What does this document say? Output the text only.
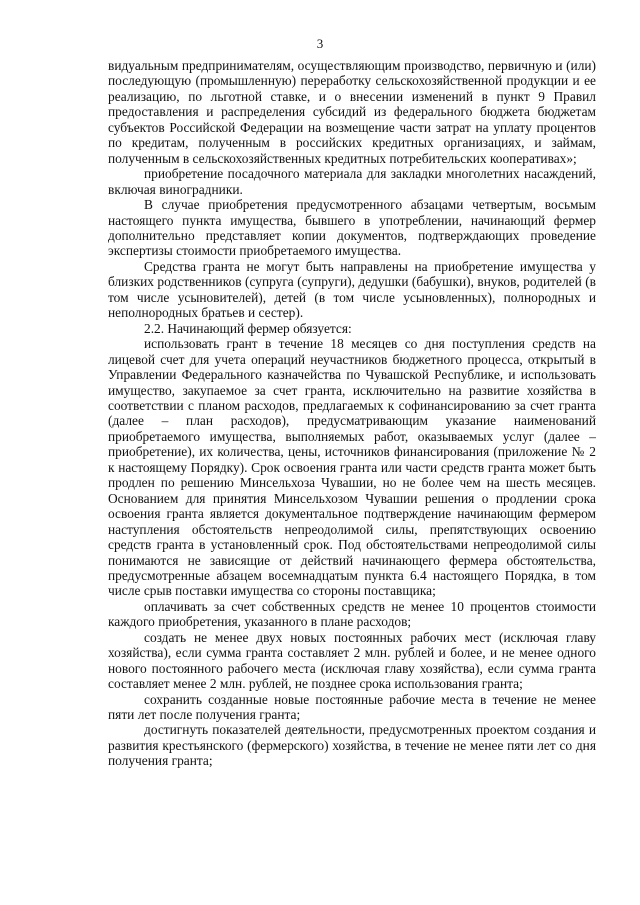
3

видуальным предпринимателям, осуществляющим производство, первичную и (или) последующую (промышленную) переработку сельскохозяйственной продукции и ее реализацию, по льготной ставке, и о внесении изменений в пункт 9 Правил предоставления и распределения субсидий из федерального бюджета бюджетам субъектов Российской Федерации на возмещение части затрат на уплату процентов по кредитам, полученным в российских кредитных организациях, и займам, полученным в сельскохозяйственных кредитных потребительских кооперативах»;

приобретение посадочного материала для закладки многолетних насаждений, включая виноградники.

В случае приобретения предусмотренного абзацами четвертым, восьмым настоящего пункта имущества, бывшего в употреблении, начинающий фермер дополнительно представляет копии документов, подтверждающих проведение экспертизы стоимости приобретаемого имущества.

Средства гранта не могут быть направлены на приобретение имущества у близких родственников (супруга (супруги), дедушки (бабушки), внуков, родителей (в том числе усыновителей), детей (в том числе усыновленных), полнородных и неполнородных братьев и сестер).

2.2. Начинающий фермер обязуется:

использовать грант в течение 18 месяцев со дня поступления средств на лицевой счет для учета операций неучастников бюджетного процесса, открытый в Управлении Федерального казначейства по Чувашской Республике, и использовать имущество, закупаемое за счет гранта, исключительно на развитие хозяйства в соответствии с планом расходов, предлагаемых к софинансированию за счет гранта (далее – план расходов), предусматривающим указание наименований приобретаемого имущества, выполняемых работ, оказываемых услуг (далее – приобретение), их количества, цены, источников финансирования (приложение № 2 к настоящему Порядку). Срок освоения гранта или части средств гранта может быть продлен по решению Минсельхоза Чувашии, но не более чем на шесть месяцев. Основанием для принятия Минсельхозом Чувашии решения о продлении срока освоения гранта является документальное подтверждение начинающим фермером наступления обстоятельств непреодолимой силы, препятствующих освоению средств гранта в установленный срок. Под обстоятельствами непреодолимой силы понимаются не зависящие от действий начинающего фермера обстоятельства, предусмотренные абзацем восемнадцатым пункта 6.4 настоящего Порядка, в том числе срыв поставки имущества со стороны поставщика;

оплачивать за счет собственных средств не менее 10 процентов стоимости каждого приобретения, указанного в плане расходов;

создать не менее двух новых постоянных рабочих мест (исключая главу хозяйства), если сумма гранта составляет 2 млн. рублей и более, и не менее одного нового постоянного рабочего места (исключая главу хозяйства), если сумма гранта составляет менее 2 млн. рублей, не позднее срока использования гранта;

сохранить созданные новые постоянные рабочие места в течение не менее пяти лет после получения гранта;

достигнуть показателей деятельности, предусмотренных проектом создания и развития крестьянского (фермерского) хозяйства, в течение не менее пяти лет со дня получения гранта;
